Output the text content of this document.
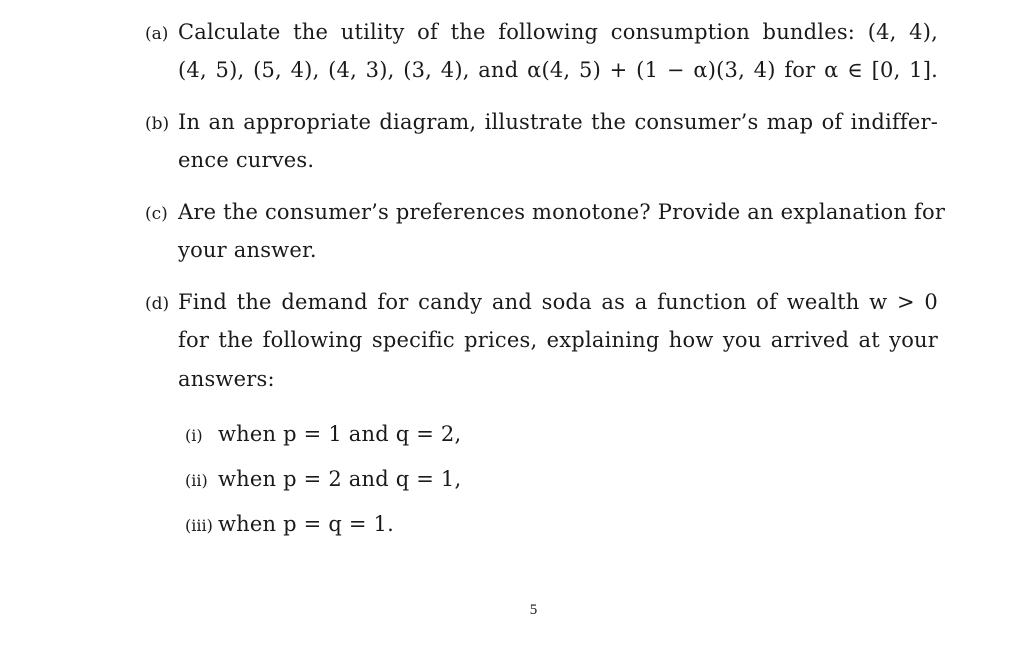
(a) Calculate the utility of the following consumption bundles: (4, 4),
(4, 5), (5, 4), (4, 3), (3, 4), and α(4, 5) + (1 − α)(3, 4) for α ∈ [0, 1].
(b) In an appropriate diagram, illustrate the consumer’s map of indiffer-
ence curves.
(c) Are the consumer’s preferences monotone? Provide an explanation for
your answer.
(d) Find the demand for candy and soda as a function of wealth w > 0
for the following specific prices, explaining how you arrived at your
answers:
(i) when p = 1 and q = 2,
(ii) when p = 2 and q = 1,
(iii) when p = q = 1.
5
